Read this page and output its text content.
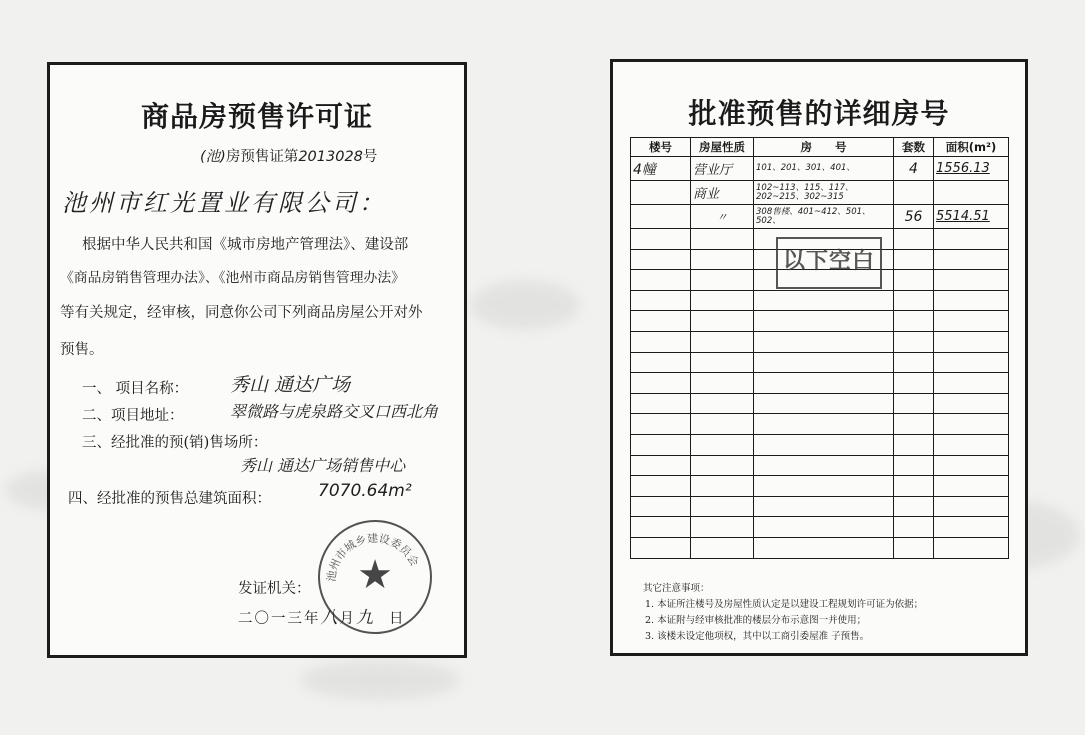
商品房预售许可证
(池)房预售证第2013028号
池州市红光置业有限公司：
根据中华人民共和国《城市房地产管理法》、建设部
《商品房销售管理办法》、《池州市商品房销售管理办法》
等有关规定，经审核，同意你公司下列商品房屋公开对外
预售。
一、 项目名称： 秀山 通达广场
二、项目地址：	翠微路与虎泉路交叉口西北角
三、经批准的预(销)售场所：
秀山 通达广场销售中心
四、经批准的预售总建筑面积：	7070.64m²
★
池州市城乡建设委员会
发证机关：
二〇一三年八月九 日
批准预售的详细房号
楼号	房屋性质	房　　号	套数	面积(m²)
4幢	营业厅	101、201、301、401、	4	1556.13
	商业	102~113、115、117、202~215、302~315		
	〃	308售楼、401~412、501、502、	56	5514.51

以下空白
其它注意事项：
1. 本证所注楼号及房屋性质认定是以建设工程规划许可证为依据；
2. 本证附与经审核批准的楼层分布示意图一并使用；
3. 该楼未设定他项权，其中以工商引委屋准 子预售。
